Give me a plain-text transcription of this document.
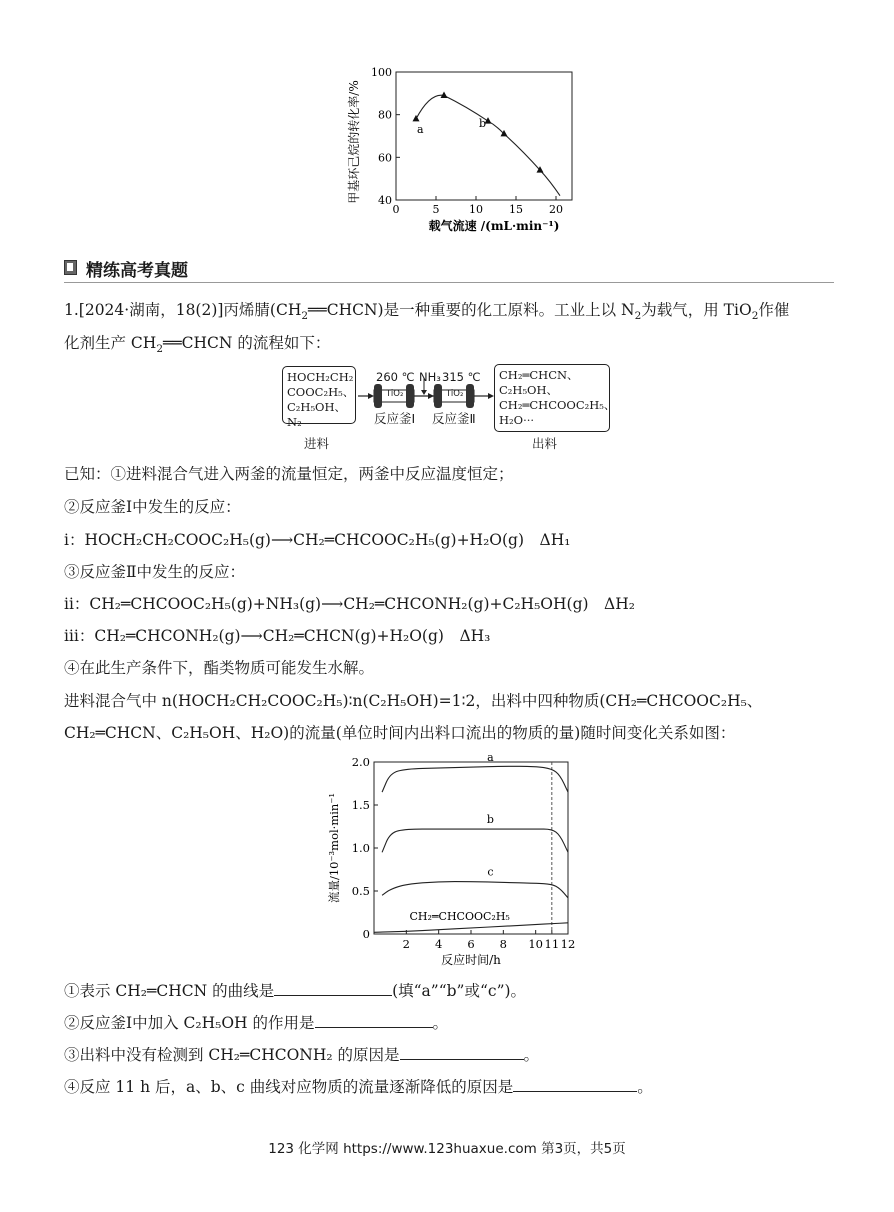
0	5	10 15 20
40
60
80
100
甲基环己烷的转化率/%
载气流速 /(mL·min⁻¹)
a	b
精练高考真题
1.[2024·湖南，18(2)]丙烯腈$(CH_2══CHCN)$是一种重要的化工原料。工业上以 $N_2$为载气，用 TiO$_2$作催
化剂生产 $CH_2══CHCN$ 的流程如下：
HOCH₂CH₂
COOC₂H₅、
C₂H₅OH、N₂
进料
260 ℃ NH₃ 315 ℃
TiO₂	TiO₂
反应釜Ⅰ 反应釜Ⅱ
CH₂═CHCN、
C₂H₅OH、
CH₂═CHCOOC₂H₅、
H₂O···
出料
已知：①进料混合气进入两釜的流量恒定，两釜中反应温度恒定；
②反应釜Ⅰ中发生的反应：
ⅰ：HOCH₂CH₂COOC₂H₅(g)⟶CH₂═CHCOOC₂H₅(g)+H₂O(g)　ΔH₁
③反应釜Ⅱ中发生的反应：
ⅱ：CH₂═CHCOOC₂H₅(g)+NH₃(g)⟶CH₂═CHCONH₂(g)+C₂H₅OH(g)　ΔH₂
ⅲ：CH₂═CHCONH₂(g)⟶CH₂═CHCN(g)+H₂O(g)　ΔH₃
④在此生产条件下，酯类物质可能发生水解。
进料混合气中 n(HOCH₂CH₂COOC₂H₅)∶n(C₂H₅OH)=1∶2，出料中四种物质(CH₂═CHCOOC₂H₅、
CH₂═CHCN、C₂H₅OH、H₂O)的流量(单位时间内出料口流出的物质的量)随时间变化关系如图：
2 4 6 8 10 11 12
0
0.5
1.0
1.5
2.0
流量/10⁻³mol·min⁻¹
反应时间/h
a
b
c
CH₂═CHCOOC₂H₅
①表示 CH₂═CHCN 的曲线是	(填“a”“b”或“c”)。
②反应釜Ⅰ中加入 C₂H₅OH 的作用是	。
③出料中没有检测到 CH₂═CHCONH₂ 的原因是	。
④反应 11 h 后，a、b、c 曲线对应物质的流量逐渐降低的原因是	。
123 化学网 https://www.123huaxue.com 第3页，共5页
